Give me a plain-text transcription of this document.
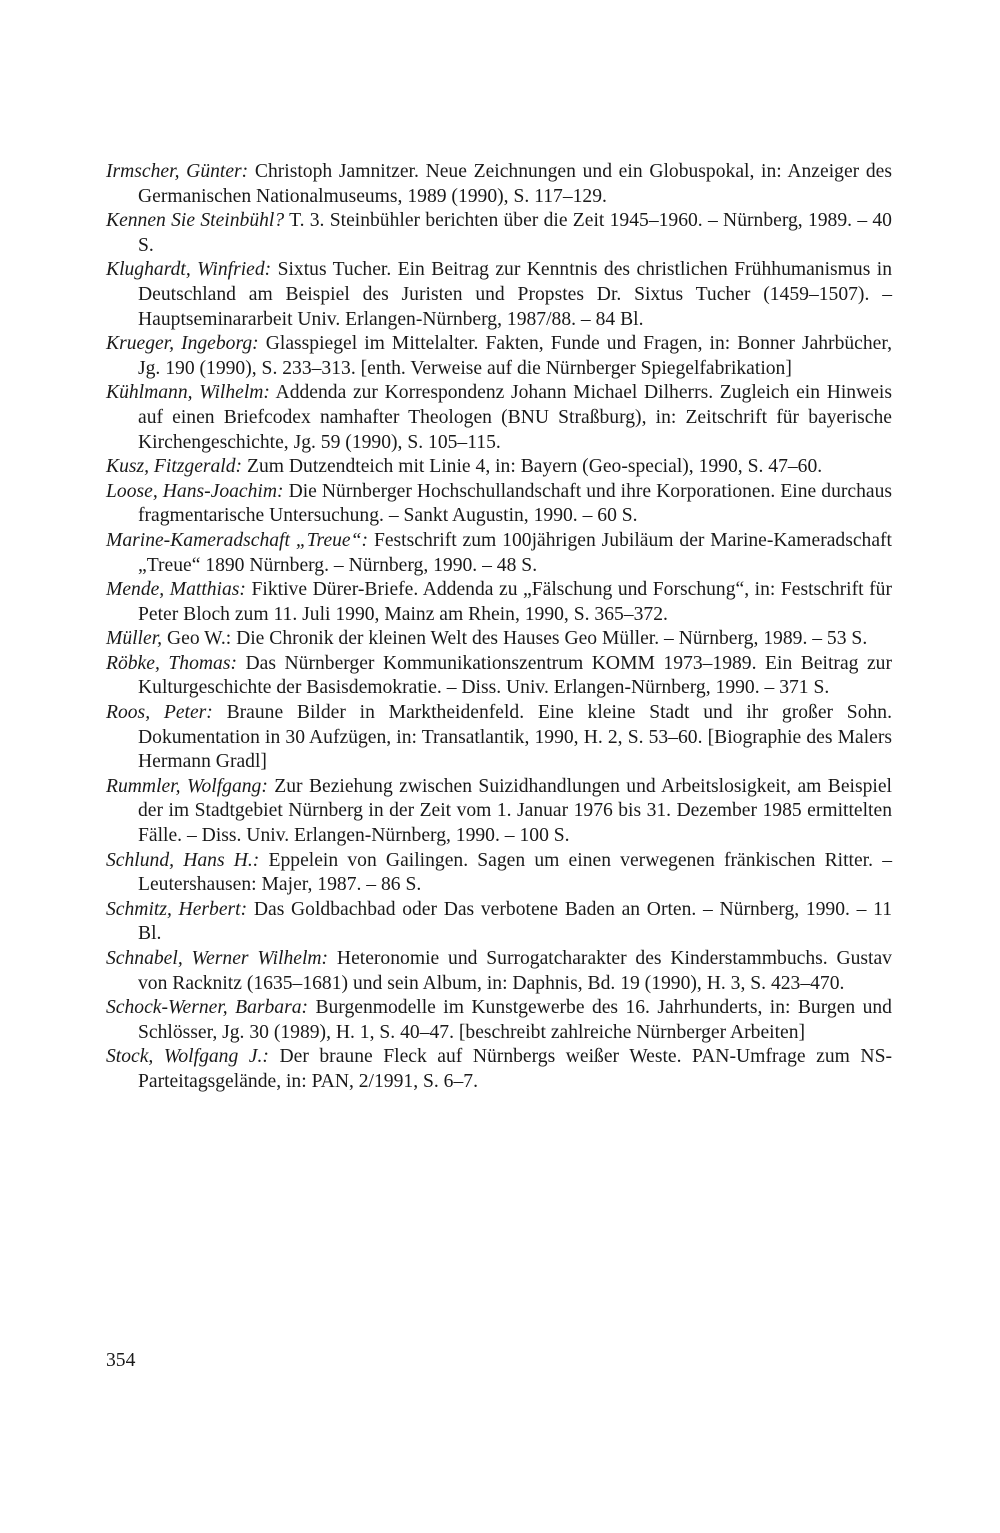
Irmscher, Günter: Christoph Jamnitzer. Neue Zeichnungen und ein Globuspokal, in: Anzeiger des Germanischen Nationalmuseums, 1989 (1990), S. 117–129.
Kennen Sie Steinbühl? T. 3. Steinbühler berichten über die Zeit 1945–1960. – Nürnberg, 1989. – 40 S.
Klughardt, Winfried: Sixtus Tucher. Ein Beitrag zur Kenntnis des christlichen Frühhumanismus in Deutschland am Beispiel des Juristen und Propstes Dr. Sixtus Tucher (1459–1507). – Hauptseminararbeit Univ. Erlangen-Nürnberg, 1987/88. – 84 Bl.
Krueger, Ingeborg: Glasspiegel im Mittelalter. Fakten, Funde und Fragen, in: Bonner Jahrbücher, Jg. 190 (1990), S. 233–313. [enth. Verweise auf die Nürnberger Spiegelfabrikation]
Kühlmann, Wilhelm: Addenda zur Korrespondenz Johann Michael Dilherrs. Zugleich ein Hinweis auf einen Briefcodex namhafter Theologen (BNU Straßburg), in: Zeitschrift für bayerische Kirchengeschichte, Jg. 59 (1990), S. 105–115.
Kusz, Fitzgerald: Zum Dutzendteich mit Linie 4, in: Bayern (Geo-special), 1990, S. 47–60.
Loose, Hans-Joachim: Die Nürnberger Hochschullandschaft und ihre Korporationen. Eine durchaus fragmentarische Untersuchung. – Sankt Augustin, 1990. – 60 S.
Marine-Kameradschaft „Treue“: Festschrift zum 100jährigen Jubiläum der Marine-Kameradschaft „Treue“ 1890 Nürnberg. – Nürnberg, 1990. – 48 S.
Mende, Matthias: Fiktive Dürer-Briefe. Addenda zu „Fälschung und Forschung“, in: Festschrift für Peter Bloch zum 11. Juli 1990, Mainz am Rhein, 1990, S. 365–372.
Müller, Geo W.: Die Chronik der kleinen Welt des Hauses Geo Müller. – Nürnberg, 1989. – 53 S.
Röbke, Thomas: Das Nürnberger Kommunikationszentrum KOMM 1973–1989. Ein Beitrag zur Kulturgeschichte der Basisdemokratie. – Diss. Univ. Erlangen-Nürnberg, 1990. – 371 S.
Roos, Peter: Braune Bilder in Marktheidenfeld. Eine kleine Stadt und ihr großer Sohn. Dokumentation in 30 Aufzügen, in: Transatlantik, 1990, H. 2, S. 53–60. [Biographie des Malers Hermann Gradl]
Rummler, Wolfgang: Zur Beziehung zwischen Suizidhandlungen und Arbeitslosigkeit, am Beispiel der im Stadtgebiet Nürnberg in der Zeit vom 1. Januar 1976 bis 31. Dezember 1985 ermittelten Fälle. – Diss. Univ. Erlangen-Nürnberg, 1990. – 100 S.
Schlund, Hans H.: Eppelein von Gailingen. Sagen um einen verwegenen fränkischen Ritter. – Leutershausen: Majer, 1987. – 86 S.
Schmitz, Herbert: Das Goldbachbad oder Das verbotene Baden an Orten. – Nürnberg, 1990. – 11 Bl.
Schnabel, Werner Wilhelm: Heteronomie und Surrogatcharakter des Kinderstammbuchs. Gustav von Racknitz (1635–1681) und sein Album, in: Daphnis, Bd. 19 (1990), H. 3, S. 423–470.
Schock-Werner, Barbara: Burgenmodelle im Kunstgewerbe des 16. Jahrhunderts, in: Burgen und Schlösser, Jg. 30 (1989), H. 1, S. 40–47. [beschreibt zahlreiche Nürnberger Arbeiten]
Stock, Wolfgang J.: Der braune Fleck auf Nürnbergs weißer Weste. PAN-Umfrage zum NS-Parteitagsgelände, in: PAN, 2/1991, S. 6–7.
354
